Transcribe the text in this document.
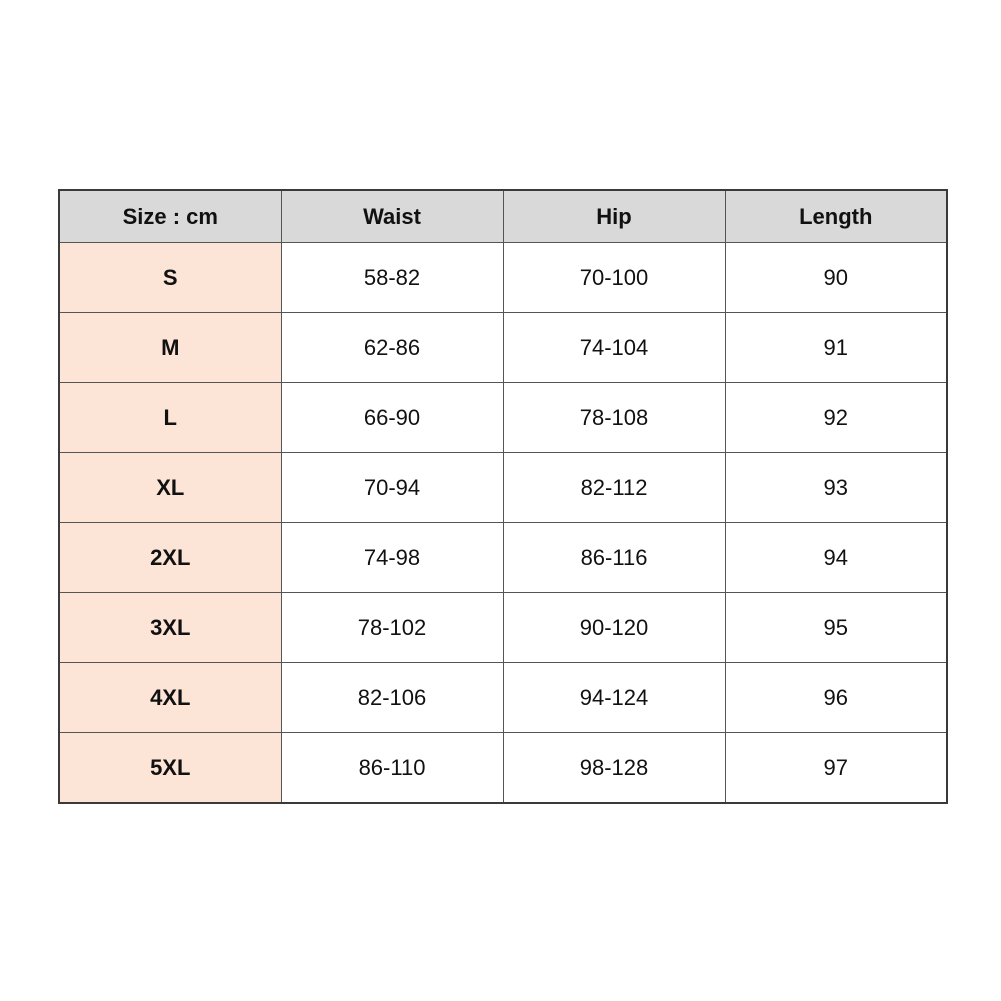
Size : cm	Waist	Hip	Length
S	58-82	70-100	90
M	62-86	74-104	91
L	66-90	78-108	92
XL	70-94	82-112	93
2XL	74-98	86-116	94
3XL	78-102	90-120	95
4XL	82-106	94-124	96
5XL	86-110	98-128	97
